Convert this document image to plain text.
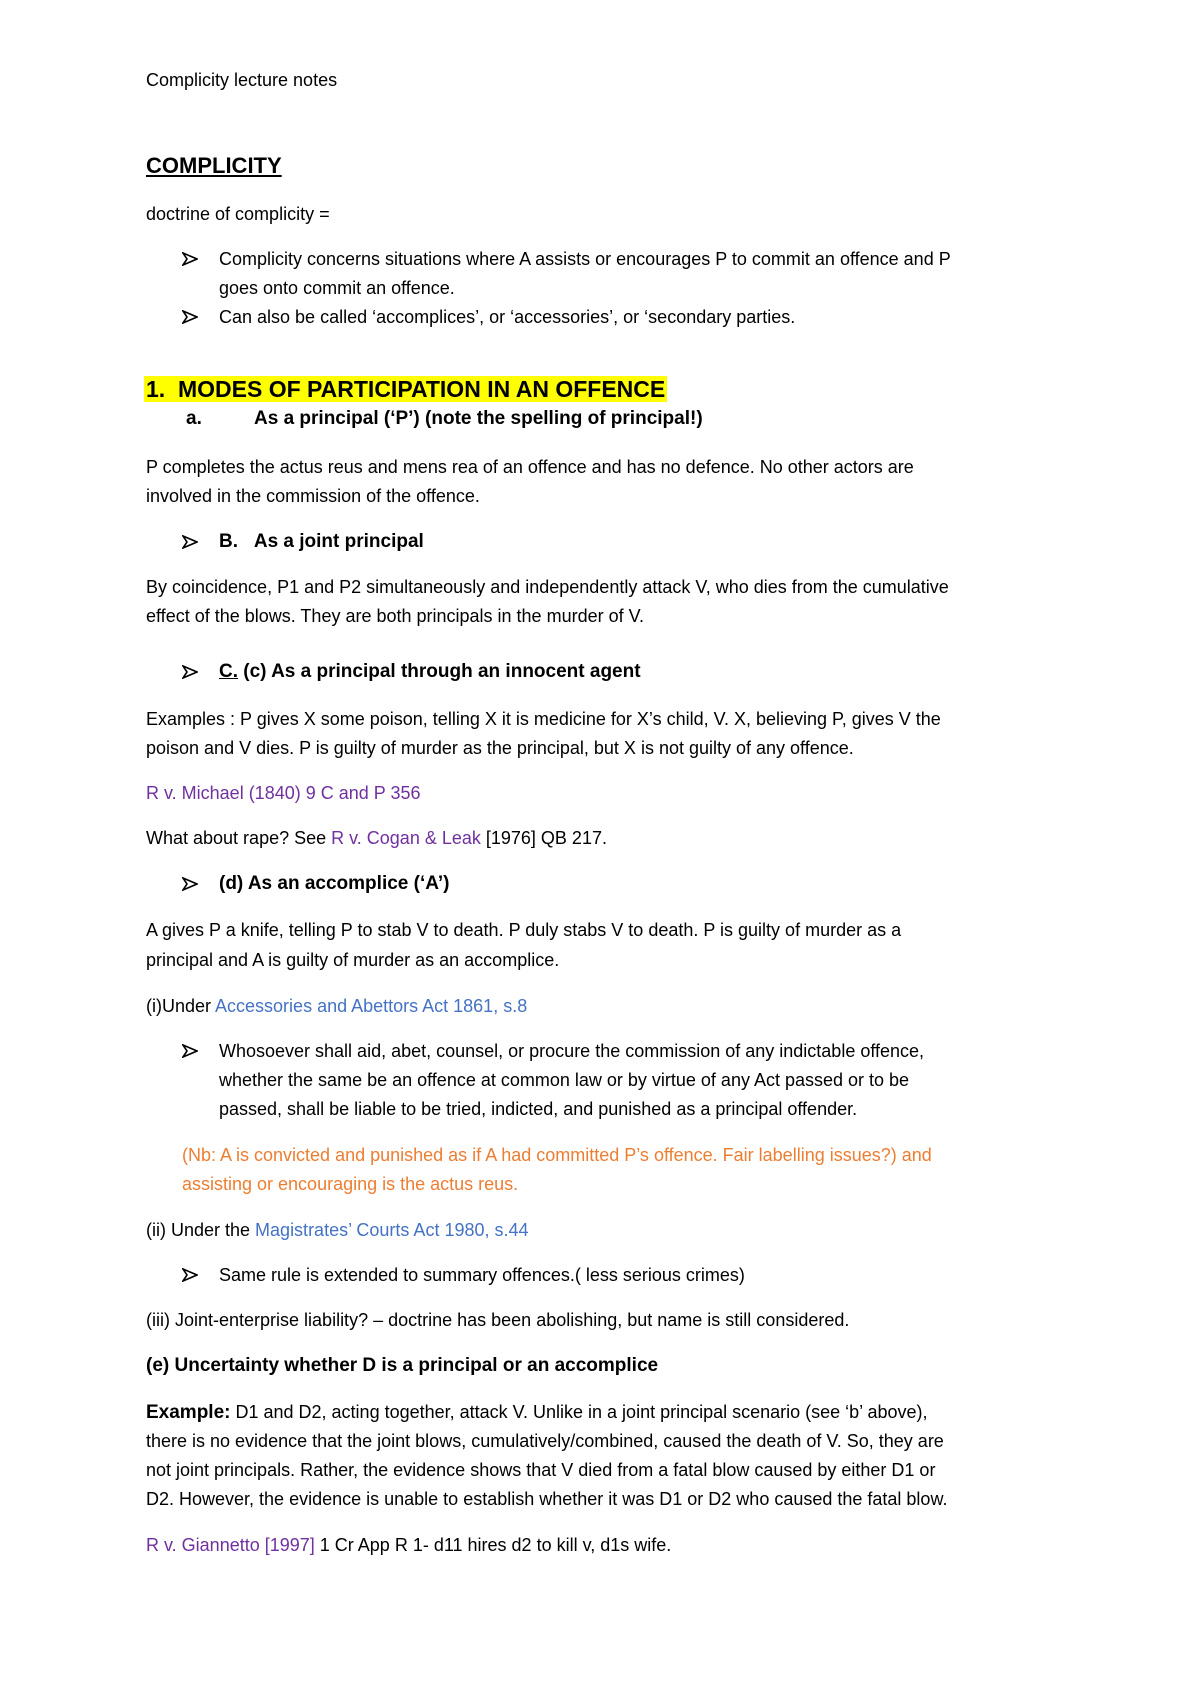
Complicity lecture notes
COMPLICITY
doctrine of complicity =
Complicity concerns situations where A assists or encourages P to commit an offence and P
goes onto commit an offence.
Can also be called ‘accomplices’, or ‘accessories’, or ‘secondary parties.
1. MODES OF PARTICIPATION IN AN OFFENCE
a.	As a principal (‘P’) (note the spelling of principal!)
P completes the actus reus and mens rea of an offence and has no defence. No other actors are
involved in the commission of the offence.
B. As a joint principal
By coincidence, P1 and P2 simultaneously and independently attack V, who dies from the cumulative
effect of the blows. They are both principals in the murder of V.
C. (c) As a principal through an innocent agent
Examples : P gives X some poison, telling X it is medicine for X’s child, V. X, believing P, gives V the
poison and V dies. P is guilty of murder as the principal, but X is not guilty of any offence.
R v. Michael (1840) 9 C and P 356
What about rape? See R v. Cogan & Leak [1976] QB 217.
(d) As an accomplice (‘A’)
A gives P a knife, telling P to stab V to death. P duly stabs V to death. P is guilty of murder as a
principal and A is guilty of murder as an accomplice.
(i)Under Accessories and Abettors Act 1861, s.8
Whosoever shall aid, abet, counsel, or procure the commission of any indictable offence,
whether the same be an offence at common law or by virtue of any Act passed or to be
passed, shall be liable to be tried, indicted, and punished as a principal offender.
(Nb: A is convicted and punished as if A had committed P’s offence. Fair labelling issues?) and
assisting or encouraging is the actus reus.
(ii) Under the Magistrates’ Courts Act 1980, s.44
Same rule is extended to summary offences.( less serious crimes)
(iii) Joint-enterprise liability? – doctrine has been abolishing, but name is still considered.
(e) Uncertainty whether D is a principal or an accomplice
Example: D1 and D2, acting together, attack V. Unlike in a joint principal scenario (see ‘b’ above),
there is no evidence that the joint blows, cumulatively/combined, caused the death of V. So, they are
not joint principals. Rather, the evidence shows that V died from a fatal blow caused by either D1 or
D2. However, the evidence is unable to establish whether it was D1 or D2 who caused the fatal blow.
R v. Giannetto [1997] 1 Cr App R 1- d11 hires d2 to kill v, d1s wife.
